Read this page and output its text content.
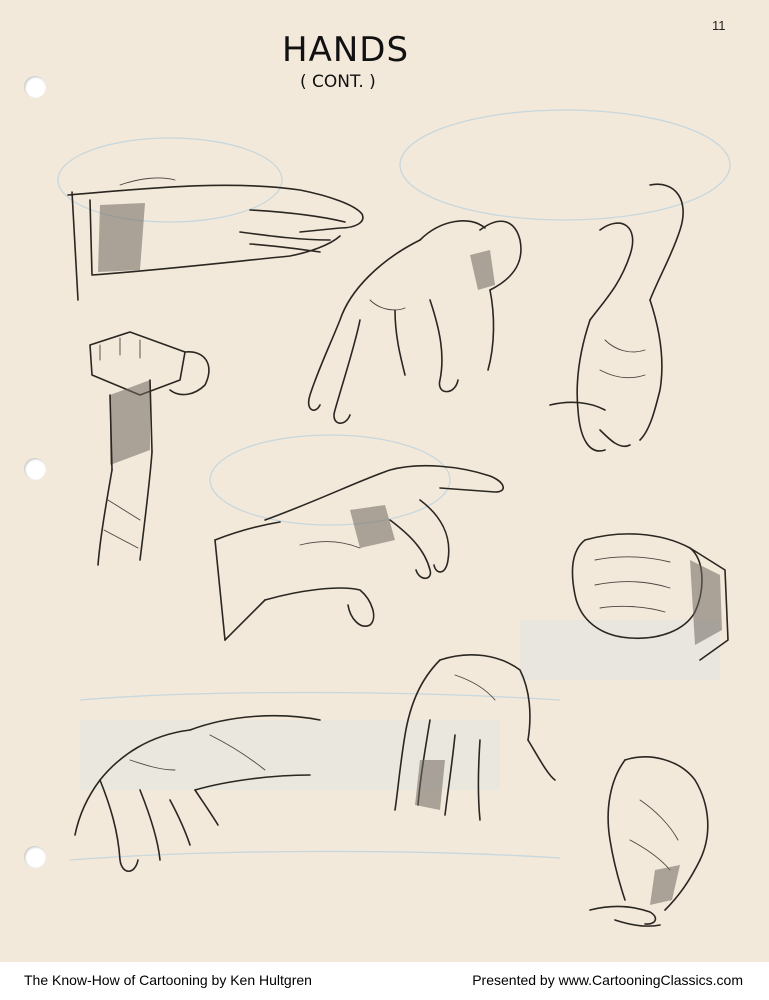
11
HANDS
( CONT. )
The Know-How of Cartooning by Ken Hultgren	Presented by www.CartooningClassics.com
